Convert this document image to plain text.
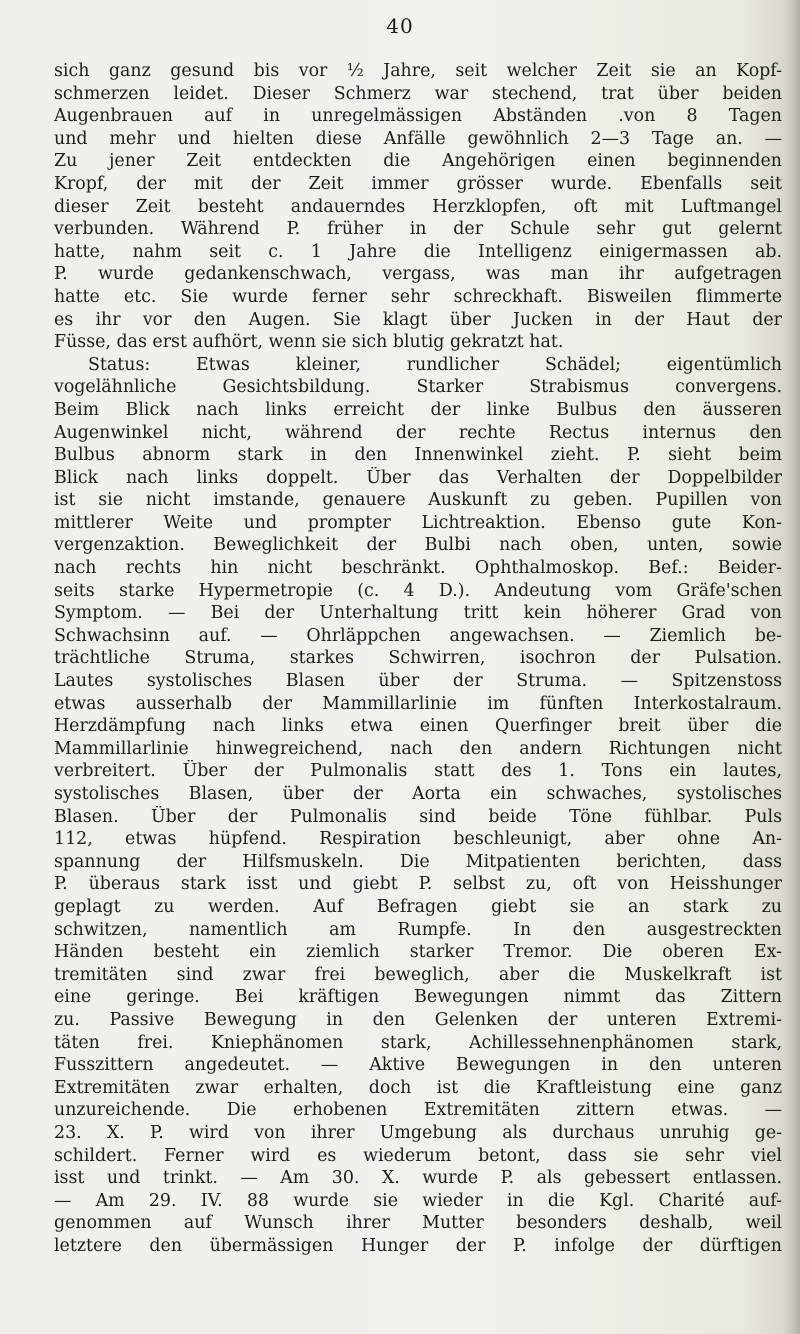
40
sich ganz gesund bis vor ½ Jahre, seit welcher Zeit sie an Kopf-
schmerzen leidet. Dieser Schmerz war stechend, trat über beiden
Augenbrauen auf in unregelmässigen Abständen .von 8 Tagen
und mehr und hielten diese Anfälle gewöhnlich 2—3 Tage an. —
Zu jener Zeit entdeckten die Angehörigen einen beginnenden
Kropf, der mit der Zeit immer grösser wurde. Ebenfalls seit
dieser Zeit besteht andauerndes Herzklopfen, oft mit Luftmangel
verbunden. Während P. früher in der Schule sehr gut gelernt
hatte, nahm seit c. 1 Jahre die Intelligenz einigermassen ab.
P. wurde gedankenschwach, vergass, was man ihr aufgetragen
hatte etc. Sie wurde ferner sehr schreckhaft. Bisweilen flimmerte
es ihr vor den Augen. Sie klagt über Jucken in der Haut der
Füsse, das erst aufhört, wenn sie sich blutig gekratzt hat.
Status: Etwas kleiner, rundlicher Schädel; eigentümlich
vogelähnliche Gesichtsbildung. Starker Strabismus convergens.
Beim Blick nach links erreicht der linke Bulbus den äusseren
Augenwinkel nicht, während der rechte Rectus internus den
Bulbus abnorm stark in den Innenwinkel zieht. P. sieht beim
Blick nach links doppelt. Über das Verhalten der Doppelbilder
ist sie nicht imstande, genauere Auskunft zu geben. Pupillen von
mittlerer Weite und prompter Lichtreaktion. Ebenso gute Kon-
vergenzaktion. Beweglichkeit der Bulbi nach oben, unten, sowie
nach rechts hin nicht beschränkt. Ophthalmoskop. Bef.: Beider-
seits starke Hypermetropie (c. 4 D.). Andeutung vom Gräfe'schen
Symptom. — Bei der Unterhaltung tritt kein höherer Grad von
Schwachsinn auf. — Ohrläppchen angewachsen. — Ziemlich be-
trächtliche Struma, starkes Schwirren, isochron der Pulsation.
Lautes systolisches Blasen über der Struma. — Spitzenstoss
etwas ausserhalb der Mammillarlinie im fünften Interkostalraum.
Herzdämpfung nach links etwa einen Querfinger breit über die
Mammillarlinie hinwegreichend, nach den andern Richtungen nicht
verbreitert. Über der Pulmonalis statt des 1. Tons ein lautes,
systolisches Blasen, über der Aorta ein schwaches, systolisches
Blasen. Über der Pulmonalis sind beide Töne fühlbar. Puls
112, etwas hüpfend. Respiration beschleunigt, aber ohne An-
spannung der Hilfsmuskeln. Die Mitpatienten berichten, dass
P. überaus stark isst und giebt P. selbst zu, oft von Heisshunger
geplagt zu werden. Auf Befragen giebt sie an stark zu
schwitzen, namentlich am Rumpfe. In den ausgestreckten
Händen besteht ein ziemlich starker Tremor. Die oberen Ex-
tremitäten sind zwar frei beweglich, aber die Muskelkraft ist
eine geringe. Bei kräftigen Bewegungen nimmt das Zittern
zu. Passive Bewegung in den Gelenken der unteren Extremi-
täten frei. Kniephänomen stark, Achillessehnenphänomen stark,
Fusszittern angedeutet. — Aktive Bewegungen in den unteren
Extremitäten zwar erhalten, doch ist die Kraftleistung eine ganz
unzureichende. Die erhobenen Extremitäten zittern etwas. —
23. X. P. wird von ihrer Umgebung als durchaus unruhig ge-
schildert. Ferner wird es wiederum betont, dass sie sehr viel
isst und trinkt. — Am 30. X. wurde P. als gebessert entlassen.
— Am 29. IV. 88 wurde sie wieder in die Kgl. Charité auf-
genommen auf Wunsch ihrer Mutter besonders deshalb, weil
letztere den übermässigen Hunger der P. infolge der dürftigen
